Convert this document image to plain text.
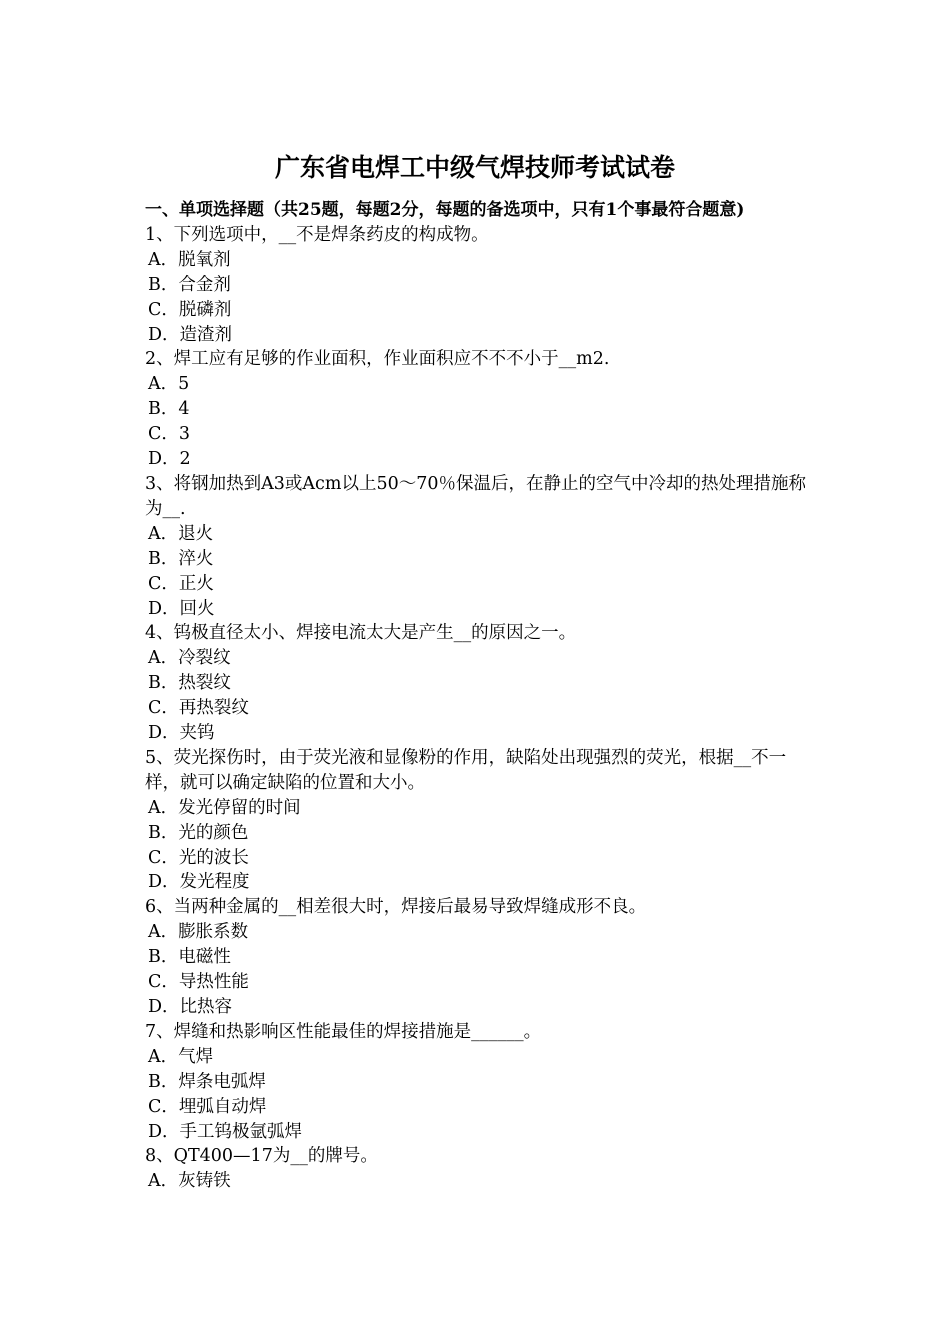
广东省电焊工中级气焊技师考试试卷
一、单项选择题（共25题，每题2分，每题的备选项中，只有1个事最符合题意)
1、下列选项中，__不是焊条药皮的构成物。
A．脱氧剂
B．合金剂
C．脱磷剂
D．造渣剂
2、焊工应有足够的作业面积，作业面积应不不不小于__m2.
A．5
B．4
C．3
D．2
3、将钢加热到A3或Acm以上50～70％保温后，在静止的空气中冷却的热处理措施称为__.
A．退火
B．淬火
C．正火
D．回火
4、钨极直径太小、焊接电流太大是产生__的原因之一。
A．冷裂纹
B．热裂纹
C．再热裂纹
D．夹钨
5、荧光探伤时，由于荧光液和显像粉的作用，缺陷处出现强烈的荧光，根据__不一样，就可以确定缺陷的位置和大小。
A．发光停留的时间
B．光的颜色
C．光的波长
D．发光程度
6、当两种金属的__相差很大时，焊接后最易导致焊缝成形不良。
A．膨胀系数
B．电磁性
C．导热性能
D．比热容
7、焊缝和热影响区性能最佳的焊接措施是______。
A．气焊
B．焊条电弧焊
C．埋弧自动焊
D．手工钨极氩弧焊
8、QT400—17为__的牌号。
A．灰铸铁
